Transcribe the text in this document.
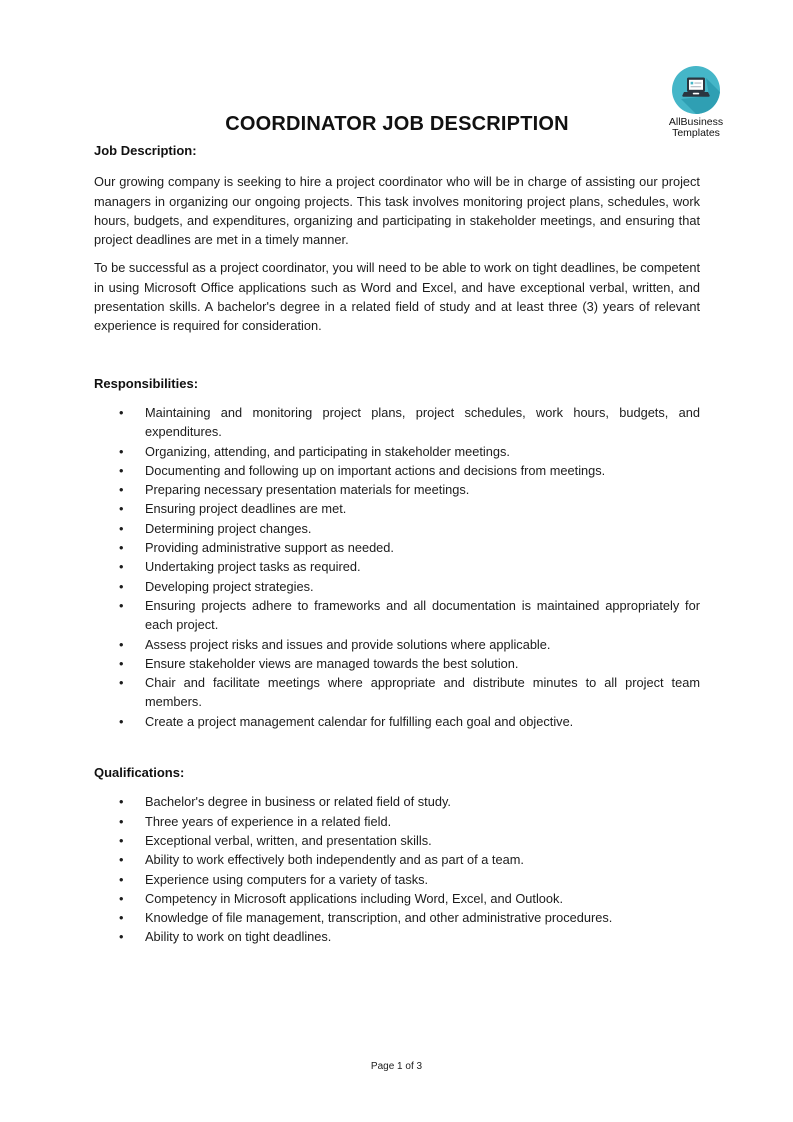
AllBusiness
Templates
COORDINATOR JOB DESCRIPTION
Job Description:

Our growing company is seeking to hire a project coordinator who will be in charge of assisting our project managers in organizing our ongoing projects. This task involves monitoring project plans, schedules, work hours, budgets, and expenditures, organizing and participating in stakeholder meetings, and ensuring that project deadlines are met in a timely manner.

To be successful as a project coordinator, you will need to be able to work on tight deadlines, be competent in using Microsoft Office applications such as Word and Excel, and have exceptional verbal, written, and presentation skills. A bachelor's degree in a related field of study and at least three (3) years of relevant experience is required for consideration.

Responsibilities:
• Maintaining and monitoring project plans, project schedules, work hours, budgets, and expenditures.
• Organizing, attending, and participating in stakeholder meetings.
• Documenting and following up on important actions and decisions from meetings.
• Preparing necessary presentation materials for meetings.
• Ensuring project deadlines are met.
• Determining project changes.
• Providing administrative support as needed.
• Undertaking project tasks as required.
• Developing project strategies.
• Ensuring projects adhere to frameworks and all documentation is maintained appropriately for each project.
• Assess project risks and issues and provide solutions where applicable.
• Ensure stakeholder views are managed towards the best solution.
• Chair and facilitate meetings where appropriate and distribute minutes to all project team members.
• Create a project management calendar for fulfilling each goal and objective.
Qualifications:
• Bachelor's degree in business or related field of study.
• Three years of experience in a related field.
• Exceptional verbal, written, and presentation skills.
• Ability to work effectively both independently and as part of a team.
• Experience using computers for a variety of tasks.
• Competency in Microsoft applications including Word, Excel, and Outlook.
• Knowledge of file management, transcription, and other administrative procedures.
• Ability to work on tight deadlines.
Page 1 of 3
